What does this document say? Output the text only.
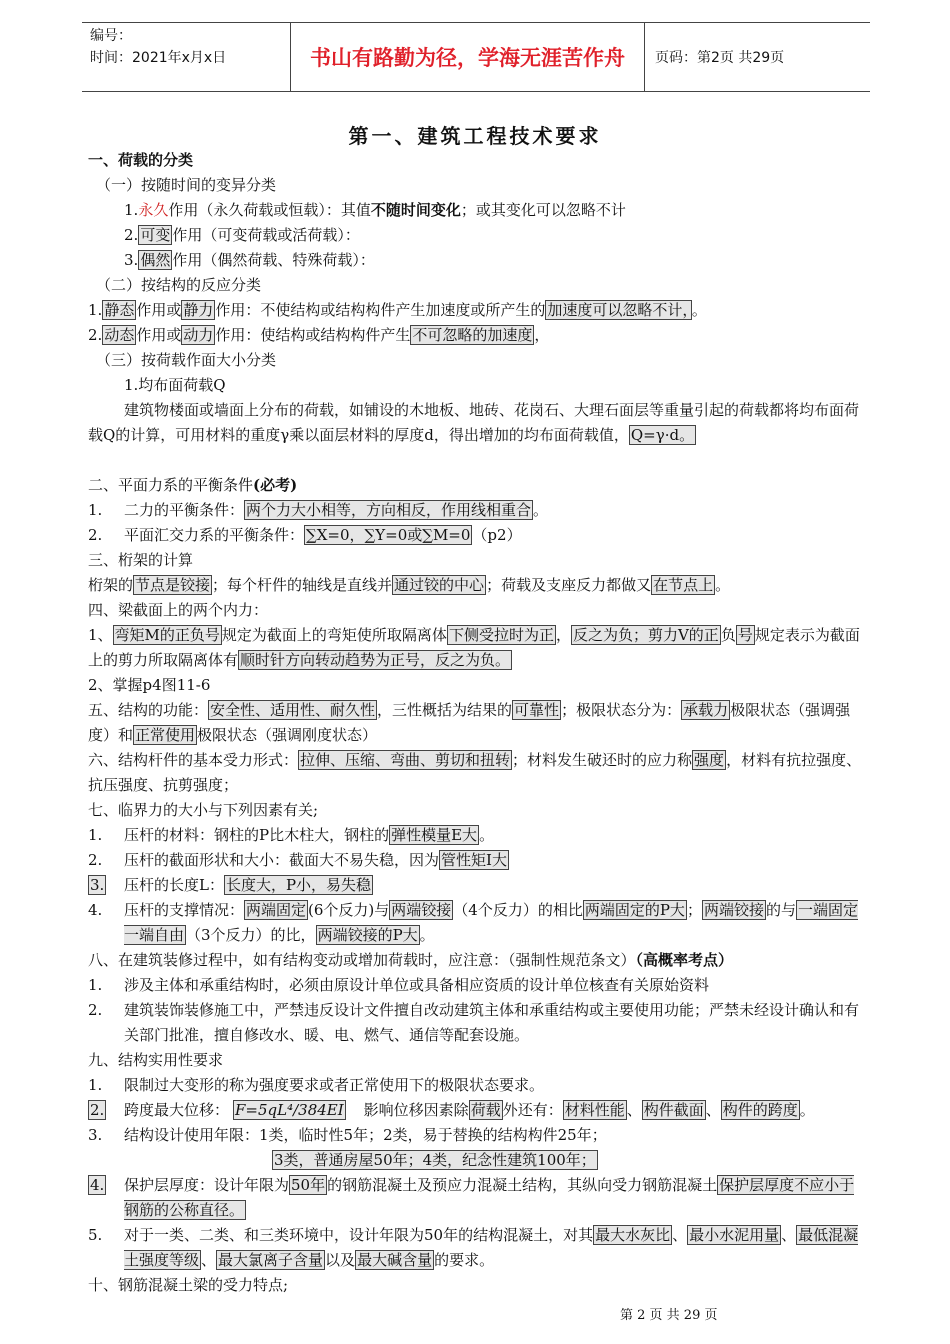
编号：
时间：2021年x月x日	书山有路勤为径，学海无涯苦作舟	页码：第2页 共29页
第一、建筑工程技术要求
一、荷载的分类
（一）按随时间的变异分类
1.永久作用（永久荷载或恒载）：其值不随时间变化；或其变化可以忽略不计
2. 可变 作用（可变荷载或活荷载）：
3. 偶然 作用（偶然荷载、特殊荷载）：
（二）按结构的反应分类
1. 静态 作用或 静力 作用：不使结构或结构构件产生加速度或所产生的 加速度可以忽略不计， 。
2. 动态 作用或 动力 作用：使结构或结构构件产生 不可忽略的加速度 ，
（三）按荷载作面大小分类
1.均布面荷载Q
建筑物楼面或墙面上分布的荷载，如铺设的木地板、地砖、花岗石、大理石面层等重量引起的荷载都将均布面荷载Q的计算，可用材料的重度γ乘以面层材料的厚度d，得出增加的均布面荷载值， Q=γ·d。
二、平面力系的平衡条件(必考)
1. 二力的平衡条件： 两个力大小相等，方向相反，作用线相重合 。
2. 平面汇交力系的平衡条件： ∑X=0，∑Y=0或∑M=0 （p2）
三、桁架的计算
桁架的 节点是铰接 ；每个杆件的轴线是直线并 通过铰的中心 ；荷载及支座反力都做又 在节点上 。
四、梁截面上的两个内力：
1、 弯矩M的正负号 规定为截面上的弯矩使所取隔离体 下侧受拉时为正 ， 反之为负；剪力V的正 负 号 规定表示为截面上的剪力所取隔离体有 顺时针方向转动趋势为正号，反之为负。
2、掌握p4图11-6
五、结构的功能： 安全性、适用性、耐久性 ，三性概括为结果的 可靠性 ；极限状态分为： 承载力 极限状态（强调强度）和 正常使用 极限状态（强调刚度状态）
六、结构杆件的基本受力形式： 拉伸、压缩、弯曲、剪切和扭转 ；材料发生破还时的应力称 强度 ，材料有抗拉强度、抗压强度、抗剪强度；
七、临界力的大小与下列因素有关;
1. 压杆的材料：钢柱的P比木柱大，钢柱的 弹性模量E大 。
2. 压杆的截面形状和大小：截面大不易失稳，因为 管性矩I大
3. 压杆的长度L： 长度大，P小，易失稳
4. 压杆的支撑情况： 两端固定 (6个反力)与 两端铰接 （4个反力）的相比 两端固定的P大 ； 两端铰接 的与 一端固定一端自由 （3个反力）的比， 两端铰接的P大 。
八、在建筑装修过程中，如有结构变动或增加荷载时，应注意：（强制性规范条文）（高概率考点）
1. 涉及主体和承重结构时，必须由原设计单位或具备相应资质的设计单位核查有关原始资料
2. 建筑装饰装修施工中，严禁违反设计文件擅自改动建筑主体和承重结构或主要使用功能；严禁未经设计确认和有关部门批准，擅自修改水、暖、电、燃气、通信等配套设施。
九、结构实用性要求
1. 限制过大变形的称为强度要求或者正常使用下的极限状态要求。
2. 跨度最大位移： F=5qL⁴/384EI 影响位移因素除 荷载 外还有： 材料性能 、 构件截面 、 构件的跨度 。
3. 结构设计使用年限：1类，临时性5年；2类，易于替换的结构构件25年；
3类，普通房屋50年；4类，纪念性建筑100年；
4. 保护层厚度：设计年限为 50年 的钢筋混凝土及预应力混凝土结构，其纵向受力钢筋混凝土 保护层厚度不应小于钢筋的公称直径。
5. 对于一类、二类、和三类环境中，设计年限为50年的结构混凝土，对其 最大水灰比 、 最小水泥用量 、 最低混凝土强度等级 、 最大氯离子含量 以及 最大碱含量 的要求。
十、钢筋混凝土梁的受力特点;
第 2 页 共 29 页
